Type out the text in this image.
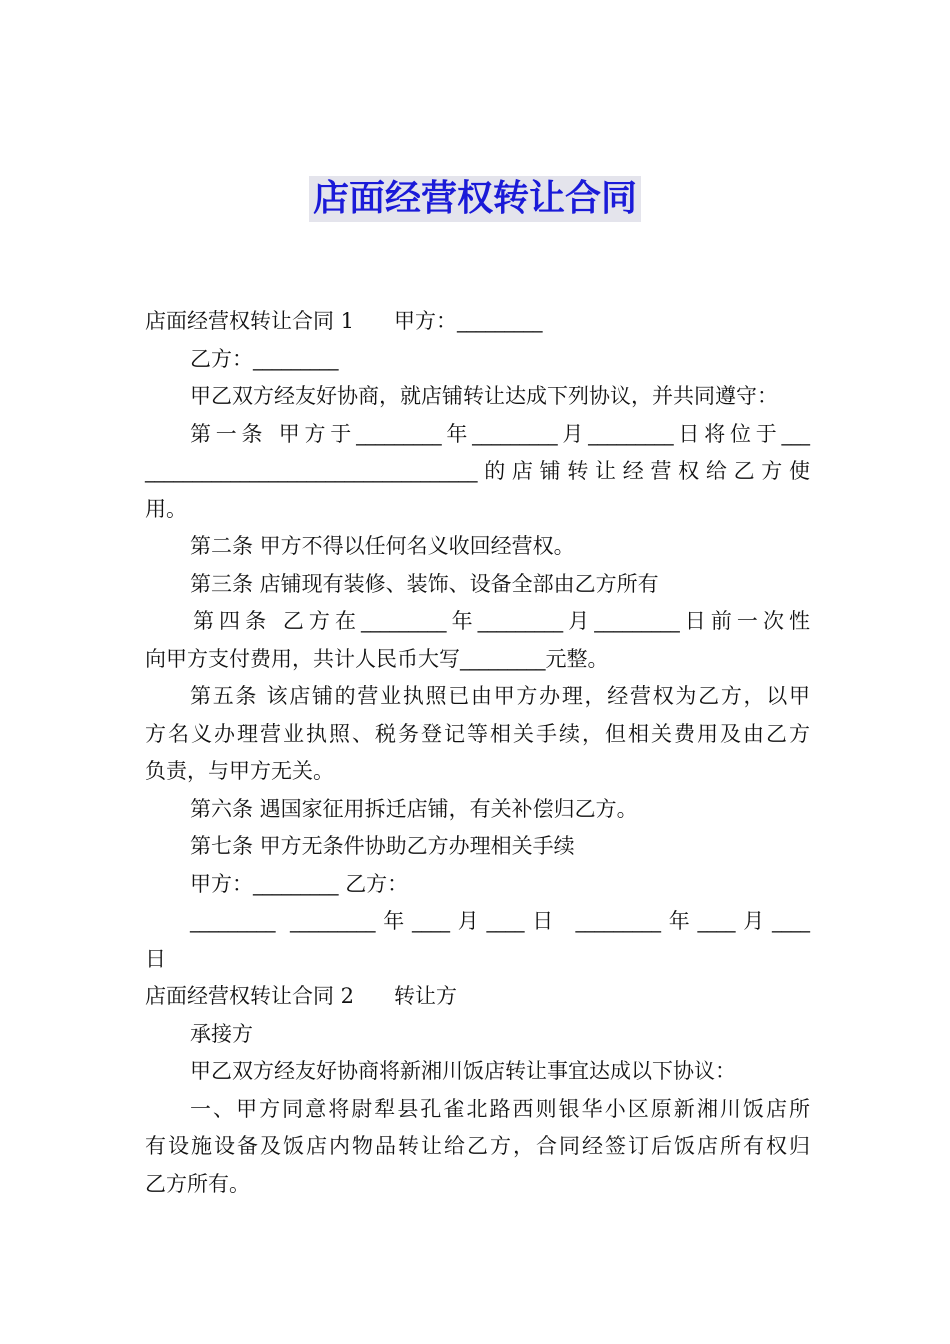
店面经营权转让合同
店面经营权转让合同 1 甲方：_________
乙方：_________
甲乙双方经友好协商，就店铺转让达成下列协议，并共同遵守：
第一条 甲方于_________年_________月_________日将位于___
___________________________________的店铺转让经营权给乙方使
用。
第二条 甲方不得以任何名义收回经营权。
第三条 店铺现有装修、装饰、设备全部由乙方所有
第四条 乙方在_________年_________月_________日前一次性
向甲方支付费用，共计人民币大写_________元整。
第五条 该店铺的营业执照已由甲方办理，经营权为乙方，以甲
方名义办理营业执照、税务登记等相关手续，但相关费用及由乙方
负责，与甲方无关。
第六条 遇国家征用拆迁店铺，有关补偿归乙方。
第七条 甲方无条件协助乙方办理相关手续
甲方：_________ 乙方：
_________ _________年____月____日 _________年____月____
日
店面经营权转让合同 2 转让方
承接方
甲乙双方经友好协商将新湘川饭店转让事宜达成以下协议：
一、甲方同意将尉犁县孔雀北路西则银华小区原新湘川饭店所
有设施设备及饭店内物品转让给乙方，合同经签订后饭店所有权归
乙方所有。
